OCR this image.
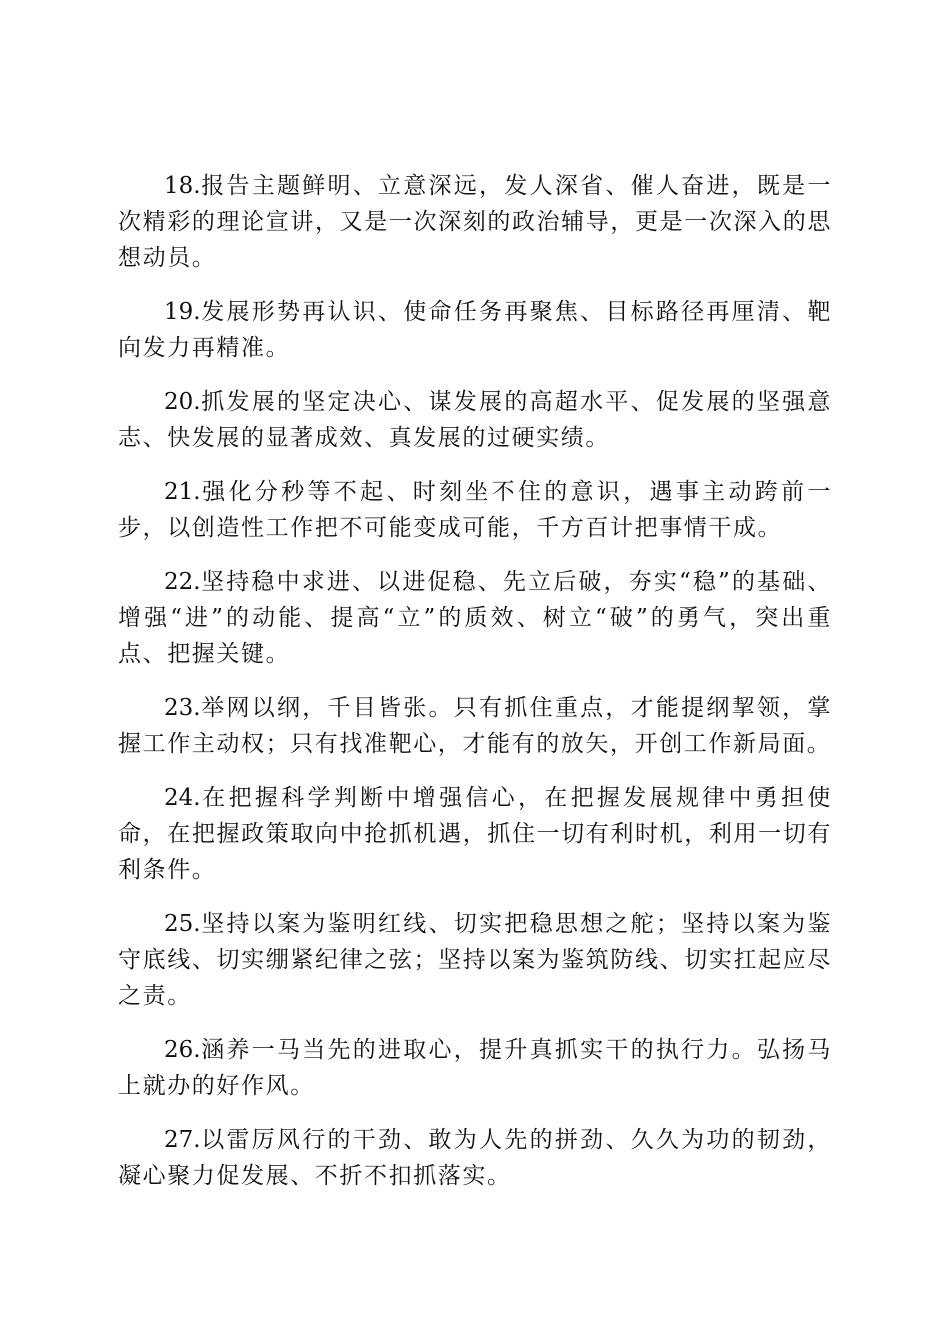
18.报告主题鲜明、立意深远，发人深省、催人奋进，既是一次精彩的理论宣讲，又是一次深刻的政治辅导，更是一次深入的思想动员。

19.发展形势再认识、使命任务再聚焦、目标路径再厘清、靶向发力再精准。

20.抓发展的坚定决心、谋发展的高超水平、促发展的坚强意志、快发展的显著成效、真发展的过硬实绩。

21.强化分秒等不起、时刻坐不住的意识，遇事主动跨前一步，以创造性工作把不可能变成可能，千方百计把事情干成。

22.坚持稳中求进、以进促稳、先立后破，夯实“稳”的基础、增强“进”的动能、提高“立”的质效、树立“破”的勇气，突出重点、把握关键。

23.举网以纲，千目皆张。只有抓住重点，才能提纲挈领，掌握工作主动权；只有找准靶心，才能有的放矢，开创工作新局面。

24.在把握科学判断中增强信心，在把握发展规律中勇担使命，在把握政策取向中抢抓机遇，抓住一切有利时机，利用一切有利条件。

25.坚持以案为鉴明红线、切实把稳思想之舵；坚持以案为鉴守底线、切实绷紧纪律之弦；坚持以案为鉴筑防线、切实扛起应尽之责。

26.涵养一马当先的进取心，提升真抓实干的执行力。弘扬马上就办的好作风。

27.以雷厉风行的干劲、敢为人先的拼劲、久久为功的韧劲，凝心聚力促发展、不折不扣抓落实。
